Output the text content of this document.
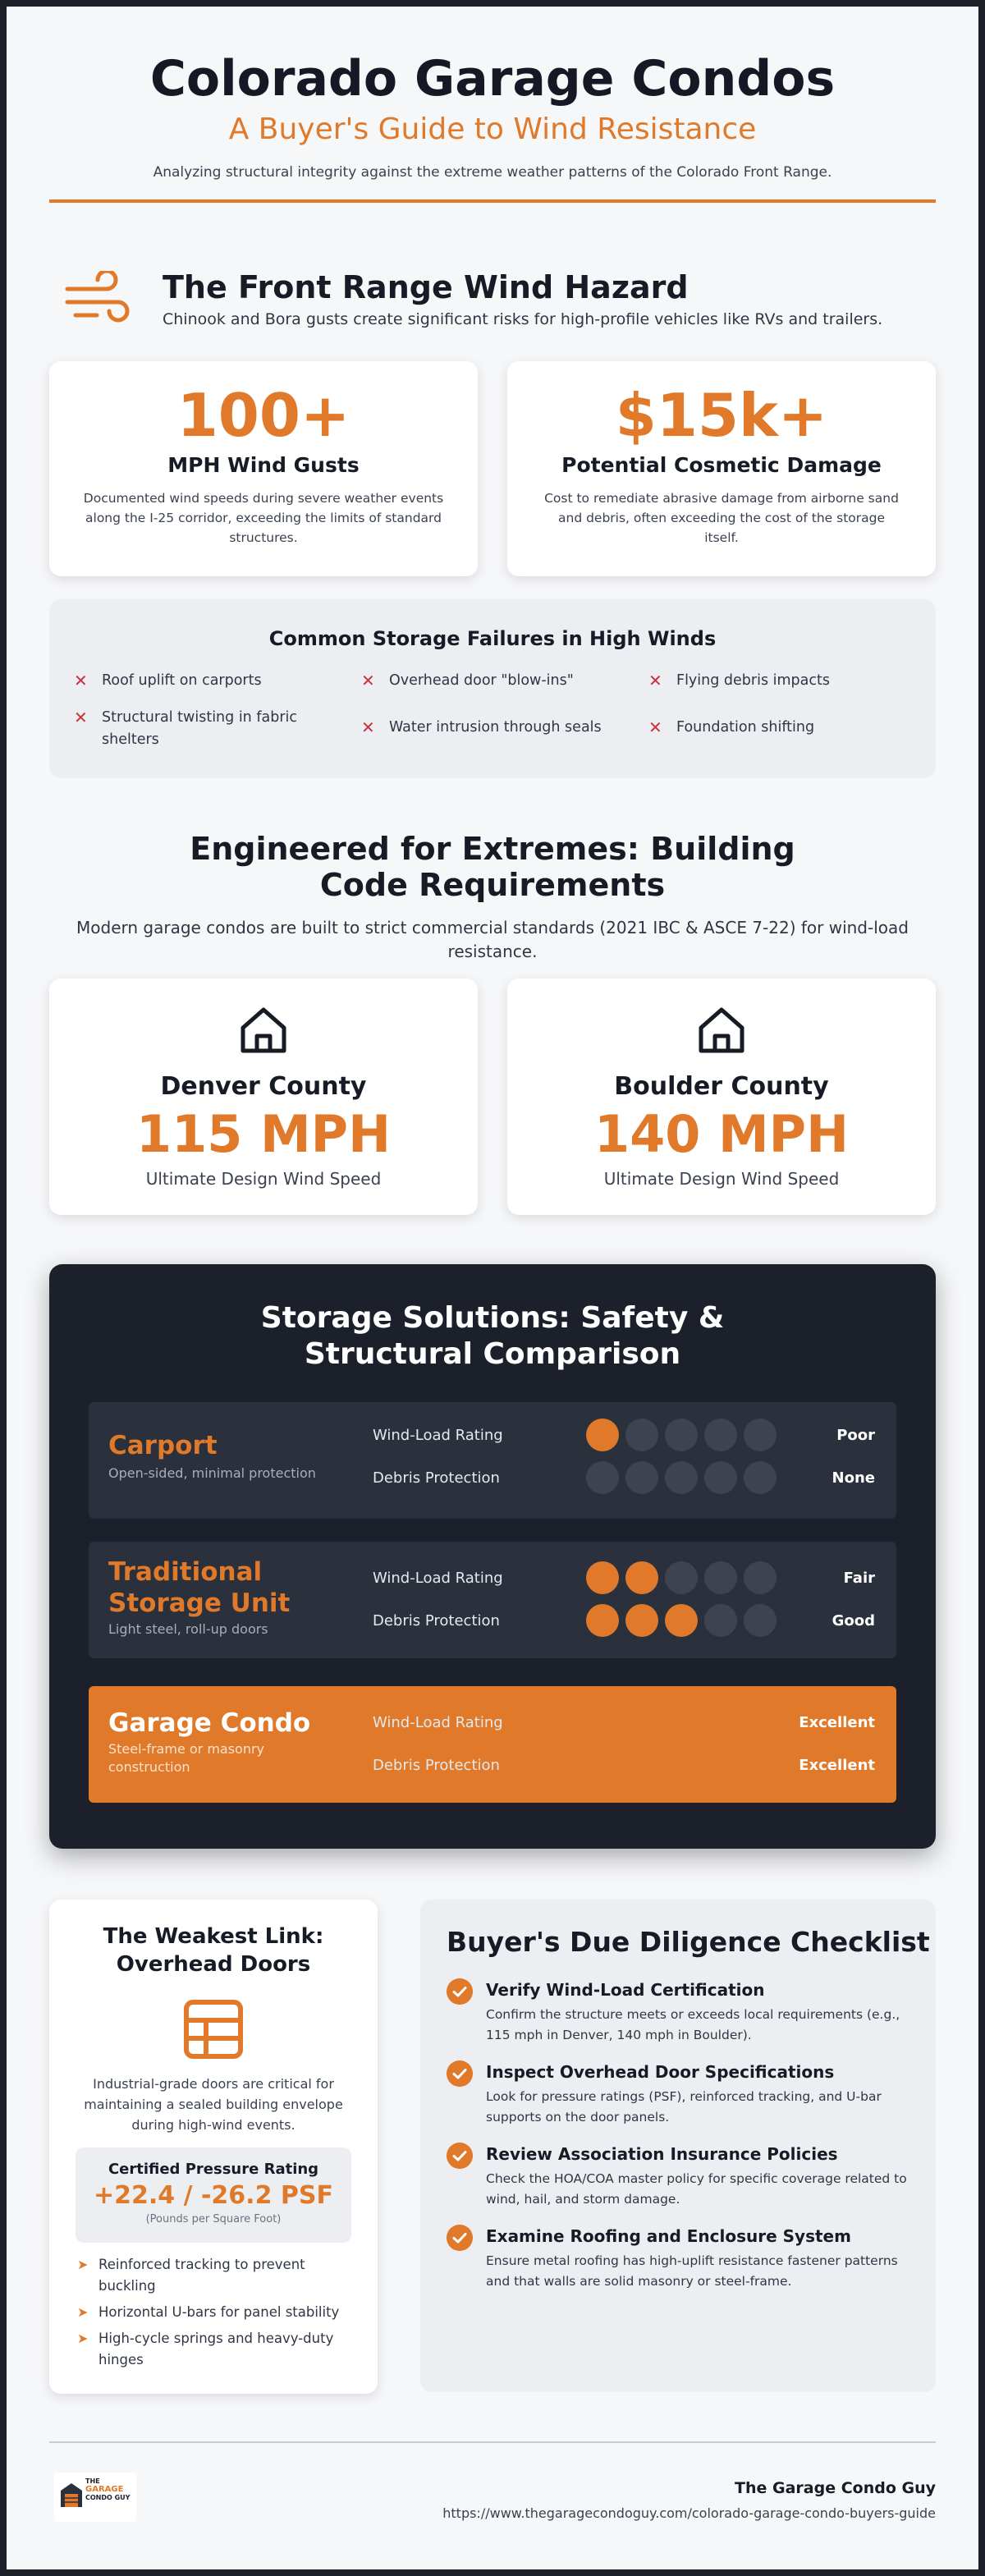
Colorado Garage Condos
A Buyer's Guide to Wind Resistance

Analyzing structural integrity against the extreme weather patterns of the Colorado Front Range.

The Front Range Wind Hazard

Chinook and Bora gusts create significant risks for high-profile vehicles like RVs and trailers.

100+
MPH Wind Gusts
Documented wind speeds during severe weather events along the I-25 corridor, exceeding the limits of standard structures.
$15k+
Potential Cosmetic Damage
Cost to remediate abrasive damage from airborne sand and debris, often exceeding the cost of the storage itself.
Common Storage Failures in High Winds
✕ Roof uplift on carports
✕ Structural twisting in fabric shelters
✕ Overhead door "blow-ins"
✕ Water intrusion through seals
✕ Flying debris impacts
✕ Foundation shifting
Engineered for Extremes: Building Code Requirements

Modern garage condos are built to strict commercial standards (2021 IBC & ASCE 7-22) for wind-load resistance.

Denver County
115 MPH
Ultimate Design Wind Speed
Boulder County
140 MPH
Ultimate Design Wind Speed
Storage Solutions: Safety & Structural Comparison
Carport
Open-sided, minimal protection
Wind-Load Rating	Poor
Debris Protection	None
Traditional Storage Unit
Light steel, roll-up doors
Wind-Load Rating	Fair
Debris Protection	Good
Garage Condo
Steel-frame or masonry construction
Wind-Load Rating	Excellent
Debris Protection	Excellent
The Weakest Link: Overhead Doors
Industrial-grade doors are critical for maintaining a sealed building envelope during high-wind events.
Certified Pressure Rating
+22.4 / -26.2 PSF
(Pounds per Square Foot)
➤ Reinforced tracking to prevent buckling
➤ Horizontal U-bars for panel stability
➤ High-cycle springs and heavy-duty hinges
Buyer's Due Diligence Checklist
Verify Wind-Load Certification
Confirm the structure meets or exceeds local requirements (e.g., 115 mph in Denver, 140 mph in Boulder).
Inspect Overhead Door Specifications
Look for pressure ratings (PSF), reinforced tracking, and U-bar supports on the door panels.
Review Association Insurance Policies
Check the HOA/COA master policy for specific coverage related to wind, hail, and storm damage.
Examine Roofing and Enclosure System
Ensure metal roofing has high-uplift resistance fastener patterns and that walls are solid masonry or steel-frame.
THE
GARAGE
CONDO GUY
The Garage Condo Guy
https://www.thegaragecondoguy.com/colorado-garage-condo-buyers-guide
